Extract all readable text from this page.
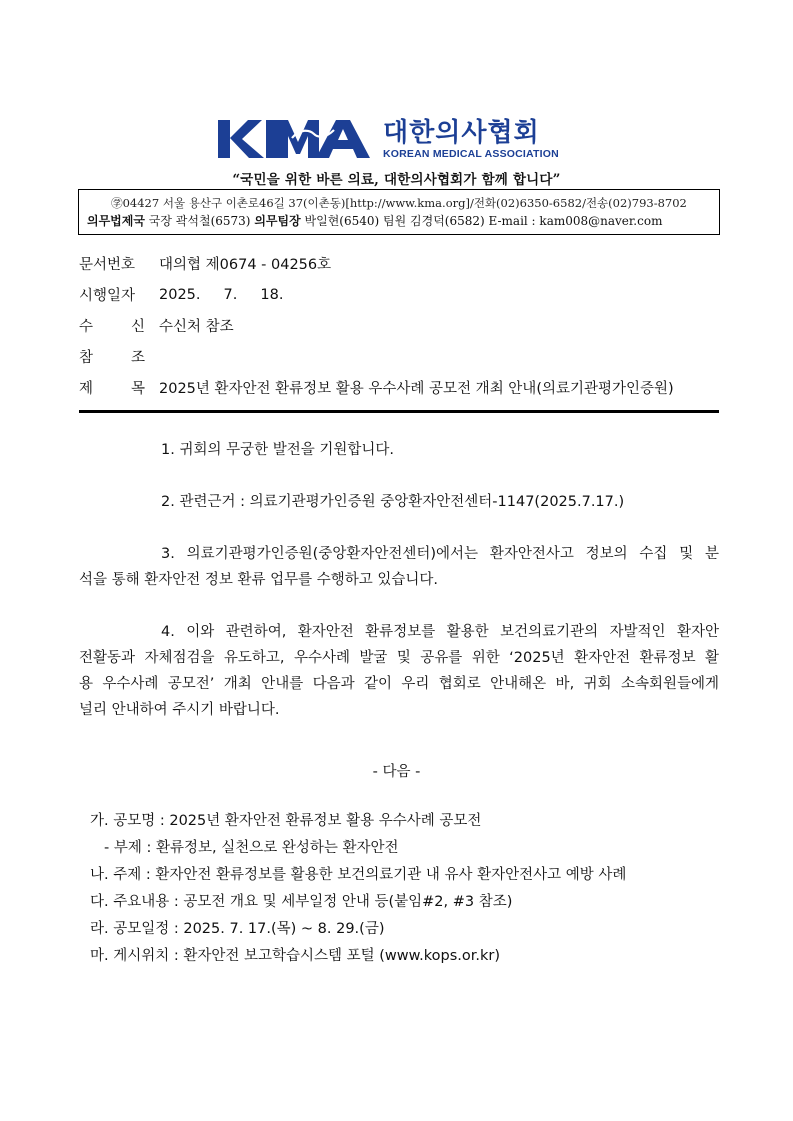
대한의사협회
KOREAN MEDICAL ASSOCIATION
“국민을 위한 바른 의료, 대한의사협회가 함께 합니다”
㊫04427 서울 용산구 이촌로46길 37(이촌동)[http://www.kma.org]/전화(02)6350-6582/전송(02)793-8702
의무법제국 국장 곽석철(6573) 의무팀장 박일현(6540) 팀원 김경덕(6582) E-mail : kam008@naver.com
문서번호	대의협 제0674 - 04256호
시행일자	2025.     7.     18.
수	신 수신처 참조
참	조
제	목 2025년 환자안전 환류정보 활용 우수사례 공모전 개최 안내(의료기관평가인증원)

1. 귀회의 무궁한 발전을 기원합니다.

2. 관련근거 : 의료기관평가인증원 중앙환자안전센터-1147(2025.7.17.)

3. 의료기관평가인증원(중앙환자안전센터)에서는 환자안전사고 정보의 수집 및 분
석을 통해 환자안전 정보 환류 업무를 수행하고 있습니다.
4. 이와 관련하여, 환자안전 환류정보를 활용한 보건의료기관의 자발적인 환자안
전활동과 자체점검을 유도하고, 우수사례 발굴 및 공유를 위한 ‘2025년 환자안전 환류정보 활
용 우수사례 공모전’ 개최 안내를 다음과 같이 우리 협회로 안내해온 바, 귀회 소속회원들에게
널리 안내하여 주시기 바랍니다.
- 다음 -
가. 공모명 : 2025년 환자안전 환류정보 활용 우수사례 공모전
- 부제 : 환류정보, 실천으로 완성하는 환자안전
나. 주제 : 환자안전 환류정보를 활용한 보건의료기관 내 유사 환자안전사고 예방 사례
다. 주요내용 : 공모전 개요 및 세부일정 안내 등(붙임#2, #3 참조)
라. 공모일정 : 2025. 7. 17.(목) ~ 8. 29.(금)
마. 게시위치 : 환자안전 보고학습시스템 포털 (www.kops.or.kr)
